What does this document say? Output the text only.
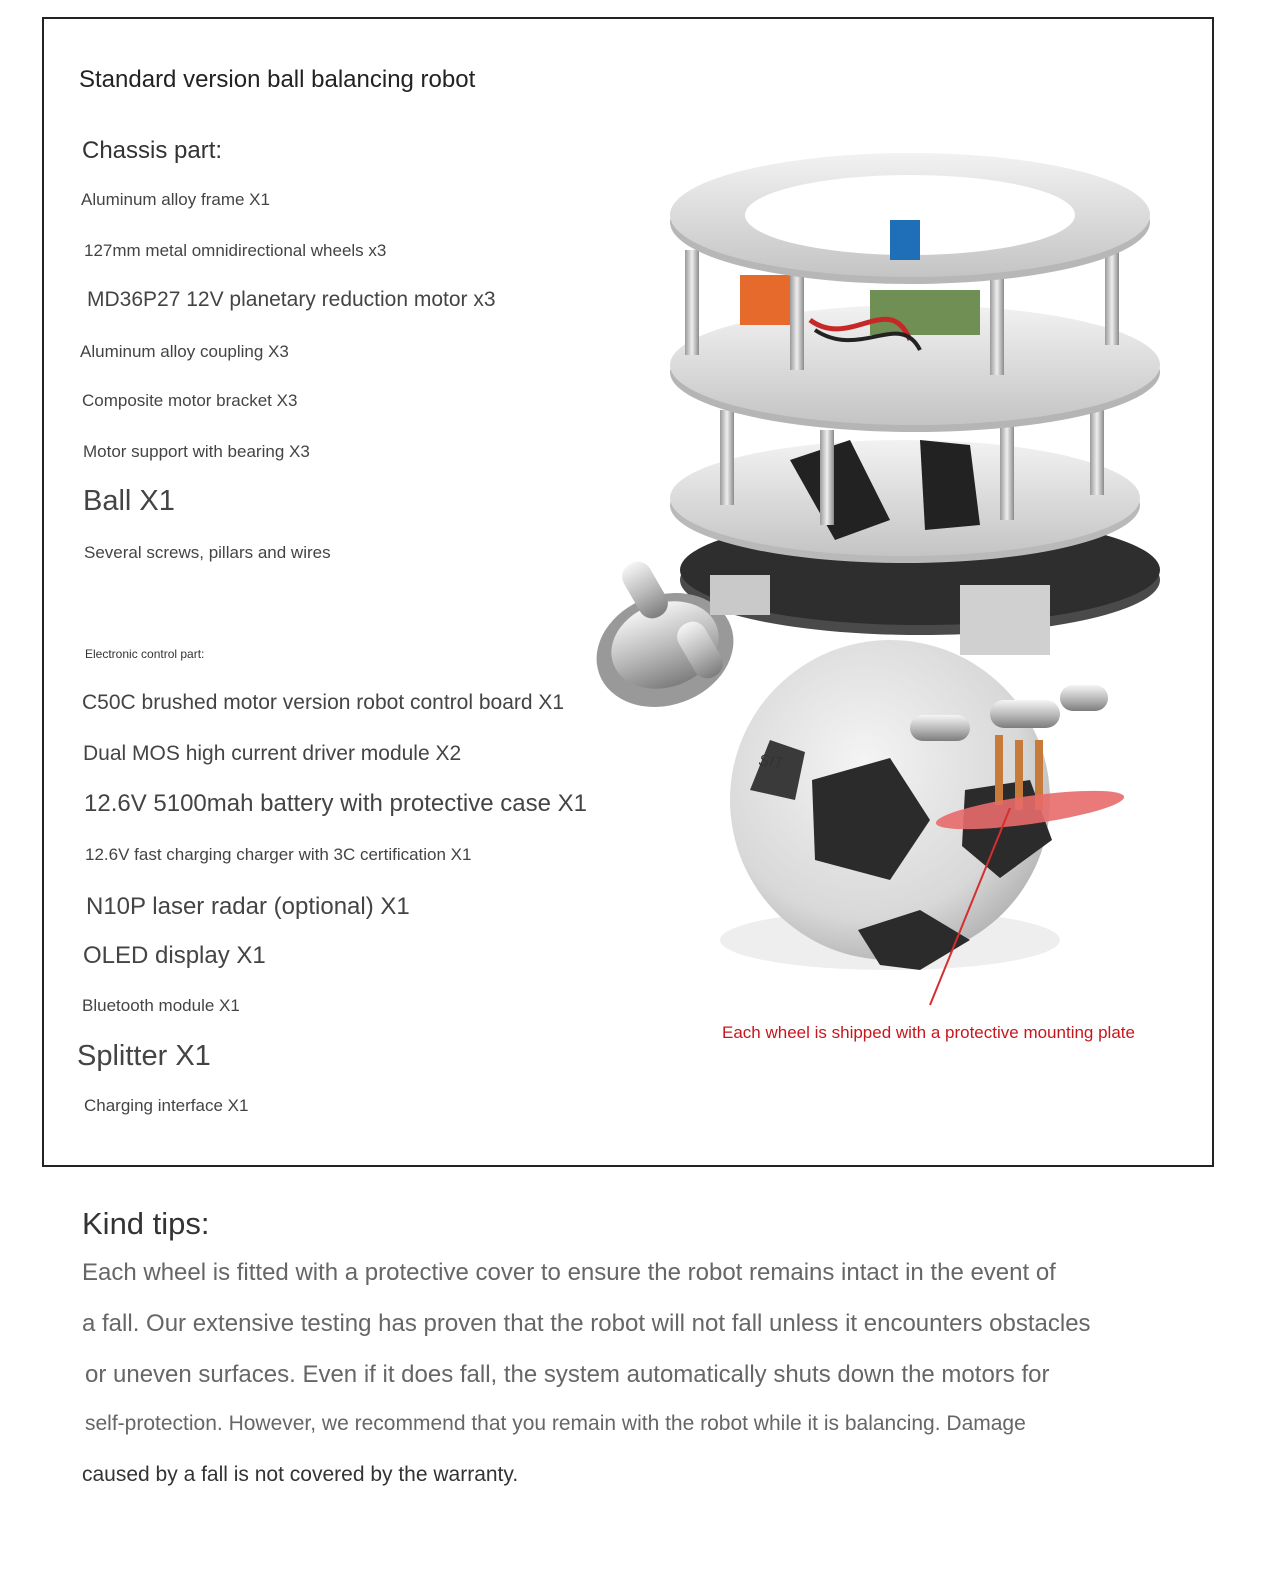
Standard version ball balancing robot
Chassis part:
Aluminum alloy frame X1
127mm metal omnidirectional wheels x3
MD36P27 12V planetary reduction motor x3
Aluminum alloy coupling X3
Composite motor bracket X3
Motor support with bearing X3
Ball X1
Several screws, pillars and wires
Electronic control part:
C50C brushed motor version robot control board X1
Dual MOS high current driver module X2
12.6V 5100mah battery with protective case X1
12.6V fast charging charger with 3C certification X1
N10P laser radar (optional) X1
OLED display X1
Bluetooth module X1
Splitter X1
Charging interface X1
SIT
Each wheel is shipped with a protective mounting plate
Kind tips:
Each wheel is fitted with a protective cover to ensure the robot remains intact in the event of
a fall. Our extensive testing has proven that the robot will not fall unless it encounters obstacles
or uneven surfaces. Even if it does fall, the system automatically shuts down the motors for
self-protection. However, we recommend that you remain with the robot while it is balancing. Damage
caused by a fall is not covered by the warranty.
